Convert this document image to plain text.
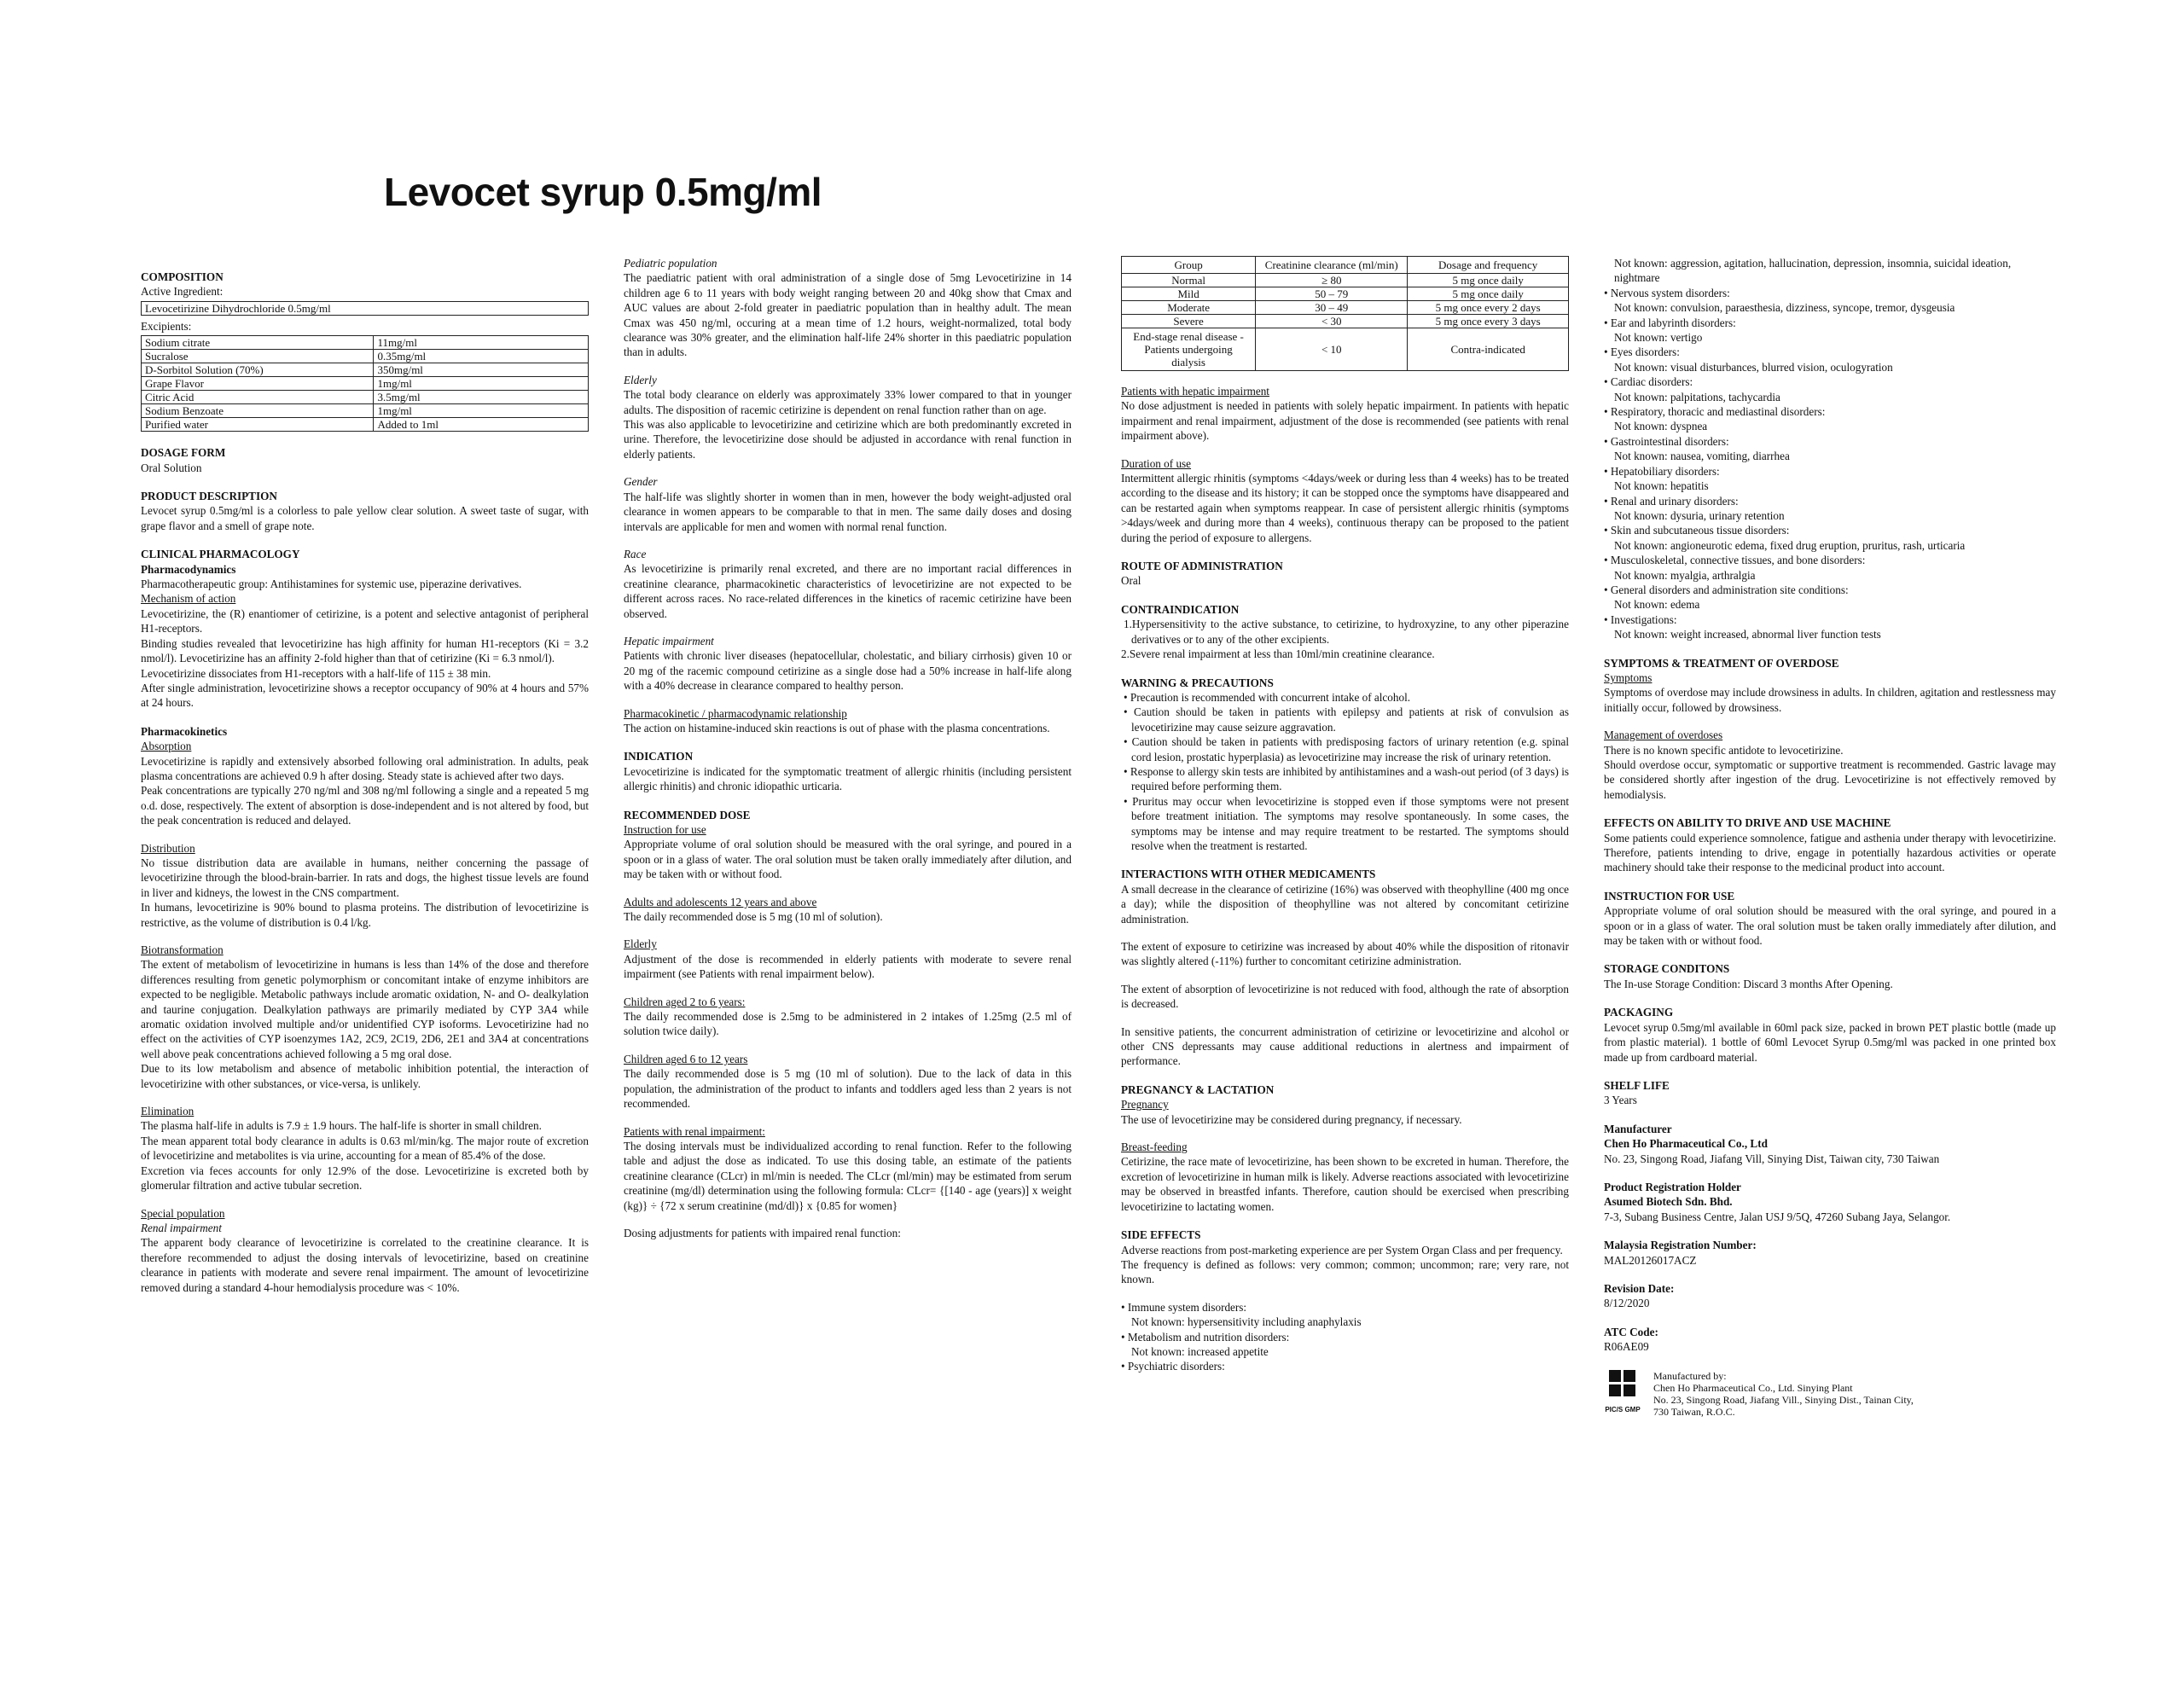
Levocet syrup 0.5mg/ml

COMPOSITION

Active Ingredient:

Levocetirizine Dihydrochloride 0.5mg/ml

Excipients:

Sodium citrate	11mg/ml
Sucralose	0.35mg/ml
D-Sorbitol Solution (70%)	350mg/ml
Grape Flavor	1mg/ml
Citric Acid	3.5mg/ml
Sodium Benzoate	1mg/ml
Purified water	Added to 1ml

DOSAGE FORM

Oral Solution

PRODUCT DESCRIPTION

Levocet syrup 0.5mg/ml is a colorless to pale yellow clear solution. A sweet taste of sugar, with grape flavor and a smell of grape note.

CLINICAL PHARMACOLOGY

Pharmacodynamics

Pharmacotherapeutic group: Antihistamines for systemic use, piperazine derivatives.

Mechanism of action

Levocetirizine, the (R) enantiomer of cetirizine, is a potent and selective antagonist of peripheral H1-receptors.

Binding studies revealed that levocetirizine has high affinity for human H1-receptors (Ki = 3.2 nmol/l). Levocetirizine has an affinity 2-fold higher than that of cetirizine (Ki = 6.3 nmol/l).

Levocetirizine dissociates from H1-receptors with a half-life of 115 ± 38 min.

After single administration, levocetirizine shows a receptor occupancy of 90% at 4 hours and 57% at 24 hours.

Pharmacokinetics

Absorption

Levocetirizine is rapidly and extensively absorbed following oral administration. In adults, peak plasma concentrations are achieved 0.9 h after dosing. Steady state is achieved after two days.

Peak concentrations are typically 270 ng/ml and 308 ng/ml following a single and a repeated 5 mg o.d. dose, respectively. The extent of absorption is dose-independent and is not altered by food, but the peak concentration is reduced and delayed.

Distribution

No tissue distribution data are available in humans, neither concerning the passage of levocetirizine through the blood-brain-barrier. In rats and dogs, the highest tissue levels are found in liver and kidneys, the lowest in the CNS compartment.

In humans, levocetirizine is 90% bound to plasma proteins. The distribution of levocetirizine is restrictive, as the volume of distribution is 0.4 l/kg.

Biotransformation

The extent of metabolism of levocetirizine in humans is less than 14% of the dose and therefore differences resulting from genetic polymorphism or concomitant intake of enzyme inhibitors are expected to be negligible. Metabolic pathways include aromatic oxidation, N- and O- dealkylation and taurine conjugation. Dealkylation pathways are primarily mediated by CYP 3A4 while aromatic oxidation involved multiple and/or unidentified CYP isoforms. Levocetirizine had no effect on the activities of CYP isoenzymes 1A2, 2C9, 2C19, 2D6, 2E1 and 3A4 at concentrations well above peak concentrations achieved following a 5 mg oral dose.

Due to its low metabolism and absence of metabolic inhibition potential, the interaction of levocetirizine with other substances, or vice-versa, is unlikely.

Elimination

The plasma half-life in adults is 7.9 ± 1.9 hours. The half-life is shorter in small children.

The mean apparent total body clearance in adults is 0.63 ml/min/kg. The major route of excretion of levocetirizine and metabolites is via urine, accounting for a mean of 85.4% of the dose.

Excretion via feces accounts for only 12.9% of the dose. Levocetirizine is excreted both by glomerular filtration and active tubular secretion.

Special population

Renal impairment

The apparent body clearance of levocetirizine is correlated to the creatinine clearance. It is therefore recommended to adjust the dosing intervals of levocetirizine, based on creatinine clearance in patients with moderate and severe renal impairment. The amount of levocetirizine removed during a standard 4-hour hemodialysis procedure was < 10%.

Pediatric population

The paediatric patient with oral administration of a single dose of 5mg Levocetirizine in 14 children age 6 to 11 years with body weight ranging between 20 and 40kg show that Cmax and AUC values are about 2-fold greater in paediatric population than in healthy adult. The mean Cmax was 450 ng/ml, occuring at a mean time of 1.2 hours, weight-normalized, total body clearance was 30% greater, and the elimination half-life 24% shorter in this paediatric population than in adults.

Elderly

The total body clearance on elderly was approximately 33% lower compared to that in younger adults. The disposition of racemic cetirizine is dependent on renal function rather than on age.

This was also applicable to levocetirizine and cetirizine which are both predominantly excreted in urine. Therefore, the levocetirizine dose should be adjusted in accordance with renal function in elderly patients.

Gender

The half-life was slightly shorter in women than in men, however the body weight-adjusted oral clearance in women appears to be comparable to that in men. The same daily doses and dosing intervals are applicable for men and women with normal renal function.

Race

As levocetirizine is primarily renal excreted, and there are no important racial differences in creatinine clearance, pharmacokinetic characteristics of levocetirizine are not expected to be different across races. No race-related differences in the kinetics of racemic cetirizine have been observed.

Hepatic impairment

Patients with chronic liver diseases (hepatocellular, cholestatic, and biliary cirrhosis) given 10 or 20 mg of the racemic compound cetirizine as a single dose had a 50% increase in half-life along with a 40% decrease in clearance compared to healthy person.

Pharmacokinetic / pharmacodynamic relationship

The action on histamine-induced skin reactions is out of phase with the plasma concentrations.

INDICATION

Levocetirizine is indicated for the symptomatic treatment of allergic rhinitis (including persistent allergic rhinitis) and chronic idiopathic urticaria.

RECOMMENDED DOSE

Instruction for use

Appropriate volume of oral solution should be measured with the oral syringe, and poured in a spoon or in a glass of water. The oral solution must be taken orally immediately after dilution, and may be taken with or without food.

Adults and adolescents 12 years and above

The daily recommended dose is 5 mg (10 ml of solution).

Elderly

Adjustment of the dose is recommended in elderly patients with moderate to severe renal impairment (see Patients with renal impairment below).

Children aged 2 to 6 years:

The daily recommended dose is 2.5mg to be administered in 2 intakes of 1.25mg (2.5 ml of solution twice daily).

Children aged 6 to 12 years

The daily recommended dose is 5 mg (10 ml of solution). Due to the lack of data in this population, the administration of the product to infants and toddlers aged less than 2 years is not recommended.

Patients with renal impairment:

The dosing intervals must be individualized according to renal function. Refer to the following table and adjust the dose as indicated. To use this dosing table, an estimate of the patients creatinine clearance (CLcr) in ml/min is needed. The CLcr (ml/min) may be estimated from serum creatinine (mg/dl) determination using the following formula: CLcr= {[140 - age (years)] x weight (kg)} ÷ {72 x serum creatinine (md/dl)} x {0.85 for women}

Dosing adjustments for patients with impaired renal function:

Group	Creatinine clearance (ml/min)	Dosage and frequency
Normal	≥ 80	5 mg once daily
Mild	50 – 79	5 mg once daily
Moderate	30 – 49	5 mg once every 2 days
Severe	< 30	5 mg once every 3 days
End-stage renal disease - Patients undergoing dialysis	< 10	Contra-indicated

Patients with hepatic impairment

No dose adjustment is needed in patients with solely hepatic impairment. In patients with hepatic impairment and renal impairment, adjustment of the dose is recommended (see patients with renal impairment above).

Duration of use

Intermittent allergic rhinitis (symptoms <4days/week or during less than 4 weeks) has to be treated according to the disease and its history; it can be stopped once the symptoms have disappeared and can be restarted again when symptoms reappear. In case of persistent allergic rhinitis (symptoms >4days/week and during more than 4 weeks), continuous therapy can be proposed to the patient during the period of exposure to allergens.

ROUTE OF ADMINISTRATION

Oral

CONTRAINDICATION

1.Hypersensitivity to the active substance, to cetirizine, to hydroxyzine, to any other piperazine derivatives or to any of the other excipients.

2.Severe renal impairment at less than 10ml/min creatinine clearance.

WARNING & PRECAUTIONS

• Precaution is recommended with concurrent intake of alcohol.

• Caution should be taken in patients with epilepsy and patients at risk of convulsion as levocetirizine may cause seizure aggravation.

• Caution should be taken in patients with predisposing factors of urinary retention (e.g. spinal cord lesion, prostatic hyperplasia) as levocetirizine may increase the risk of urinary retention.

• Response to allergy skin tests are inhibited by antihistamines and a wash-out period (of 3 days) is required before performing them.

• Pruritus may occur when levocetirizine is stopped even if those symptoms were not present before treatment initiation. The symptoms may resolve spontaneously. In some cases, the symptoms may be intense and may require treatment to be restarted. The symptoms should resolve when the treatment is restarted.

INTERACTIONS WITH OTHER MEDICAMENTS

A small decrease in the clearance of cetirizine (16%) was observed with theophylline (400 mg once a day); while the disposition of theophylline was not altered by concomitant cetirizine administration.

The extent of exposure to cetirizine was increased by about 40% while the disposition of ritonavir was slightly altered (-11%) further to concomitant cetirizine administration.

The extent of absorption of levocetirizine is not reduced with food, although the rate of absorption is decreased.

In sensitive patients, the concurrent administration of cetirizine or levocetirizine and alcohol or other CNS depressants may cause additional reductions in alertness and impairment of performance.

PREGNANCY & LACTATION

Pregnancy

The use of levocetirizine may be considered during pregnancy, if necessary.

Breast-feeding

Cetirizine, the race mate of levocetirizine, has been shown to be excreted in human. Therefore, the excretion of levocetirizine in human milk is likely. Adverse reactions associated with levocetirizine may be observed in breastfed infants. Therefore, caution should be exercised when prescribing levocetirizine to lactating women.

SIDE EFFECTS

Adverse reactions from post-marketing experience are per System Organ Class and per frequency.

The frequency is defined as follows: very common; common; uncommon; rare; very rare, not known.

• Immune system disorders:

Not known: hypersensitivity including anaphylaxis

• Metabolism and nutrition disorders:

Not known: increased appetite

• Psychiatric disorders:

Not known: aggression, agitation, hallucination, depression, insomnia, suicidal ideation, nightmare

• Nervous system disorders:

Not known: convulsion, paraesthesia, dizziness, syncope, tremor, dysgeusia

• Ear and labyrinth disorders:

Not known: vertigo

• Eyes disorders:

Not known: visual disturbances, blurred vision, oculogyration

• Cardiac disorders:

Not known: palpitations, tachycardia

• Respiratory, thoracic and mediastinal disorders:

Not known: dyspnea

• Gastrointestinal disorders:

Not known: nausea, vomiting, diarrhea

• Hepatobiliary disorders:

Not known: hepatitis

• Renal and urinary disorders:

Not known: dysuria, urinary retention

• Skin and subcutaneous tissue disorders:

Not known: angioneurotic edema, fixed drug eruption, pruritus, rash, urticaria

• Musculoskeletal, connective tissues, and bone disorders:

Not known: myalgia, arthralgia

• General disorders and administration site conditions:

Not known: edema

• Investigations:

Not known: weight increased, abnormal liver function tests

SYMPTOMS & TREATMENT OF OVERDOSE

Symptoms

Symptoms of overdose may include drowsiness in adults. In children, agitation and restlessness may initially occur, followed by drowsiness.

Management of overdoses

There is no known specific antidote to levocetirizine.

Should overdose occur, symptomatic or supportive treatment is recommended. Gastric lavage may be considered shortly after ingestion of the drug. Levocetirizine is not effectively removed by hemodialysis.

EFFECTS ON ABILITY TO DRIVE AND USE MACHINE

Some patients could experience somnolence, fatigue and asthenia under therapy with levocetirizine. Therefore, patients intending to drive, engage in potentially hazardous activities or operate machinery should take their response to the medicinal product into account.

INSTRUCTION FOR USE

Appropriate volume of oral solution should be measured with the oral syringe, and poured in a spoon or in a glass of water. The oral solution must be taken orally immediately after dilution, and may be taken with or without food.

STORAGE CONDITONS

The In-use Storage Condition: Discard 3 months After Opening.

PACKAGING

Levocet syrup 0.5mg/ml available in 60ml pack size, packed in brown PET plastic bottle (made up from plastic material). 1 bottle of 60ml Levocet Syrup 0.5mg/ml was packed in one printed box made up from cardboard material.

SHELF LIFE

3 Years

Manufacturer

Chen Ho Pharmaceutical Co., Ltd

No. 23, Singong Road, Jiafang Vill, Sinying Dist, Taiwan city, 730 Taiwan

Product Registration Holder

Asumed Biotech Sdn. Bhd.

7-3, Subang Business Centre, Jalan USJ 9/5Q, 47260 Subang Jaya, Selangor.

Malaysia Registration Number:

MAL20126017ACZ

Revision Date:

8/12/2020

ATC Code:

R06AE09

PIC/S GMP
Manufactured by:
Chen Ho Pharmaceutical Co., Ltd. Sinying Plant
No. 23, Singong Road, Jiafang Vill., Sinying Dist., Tainan City,
730 Taiwan, R.O.C.
